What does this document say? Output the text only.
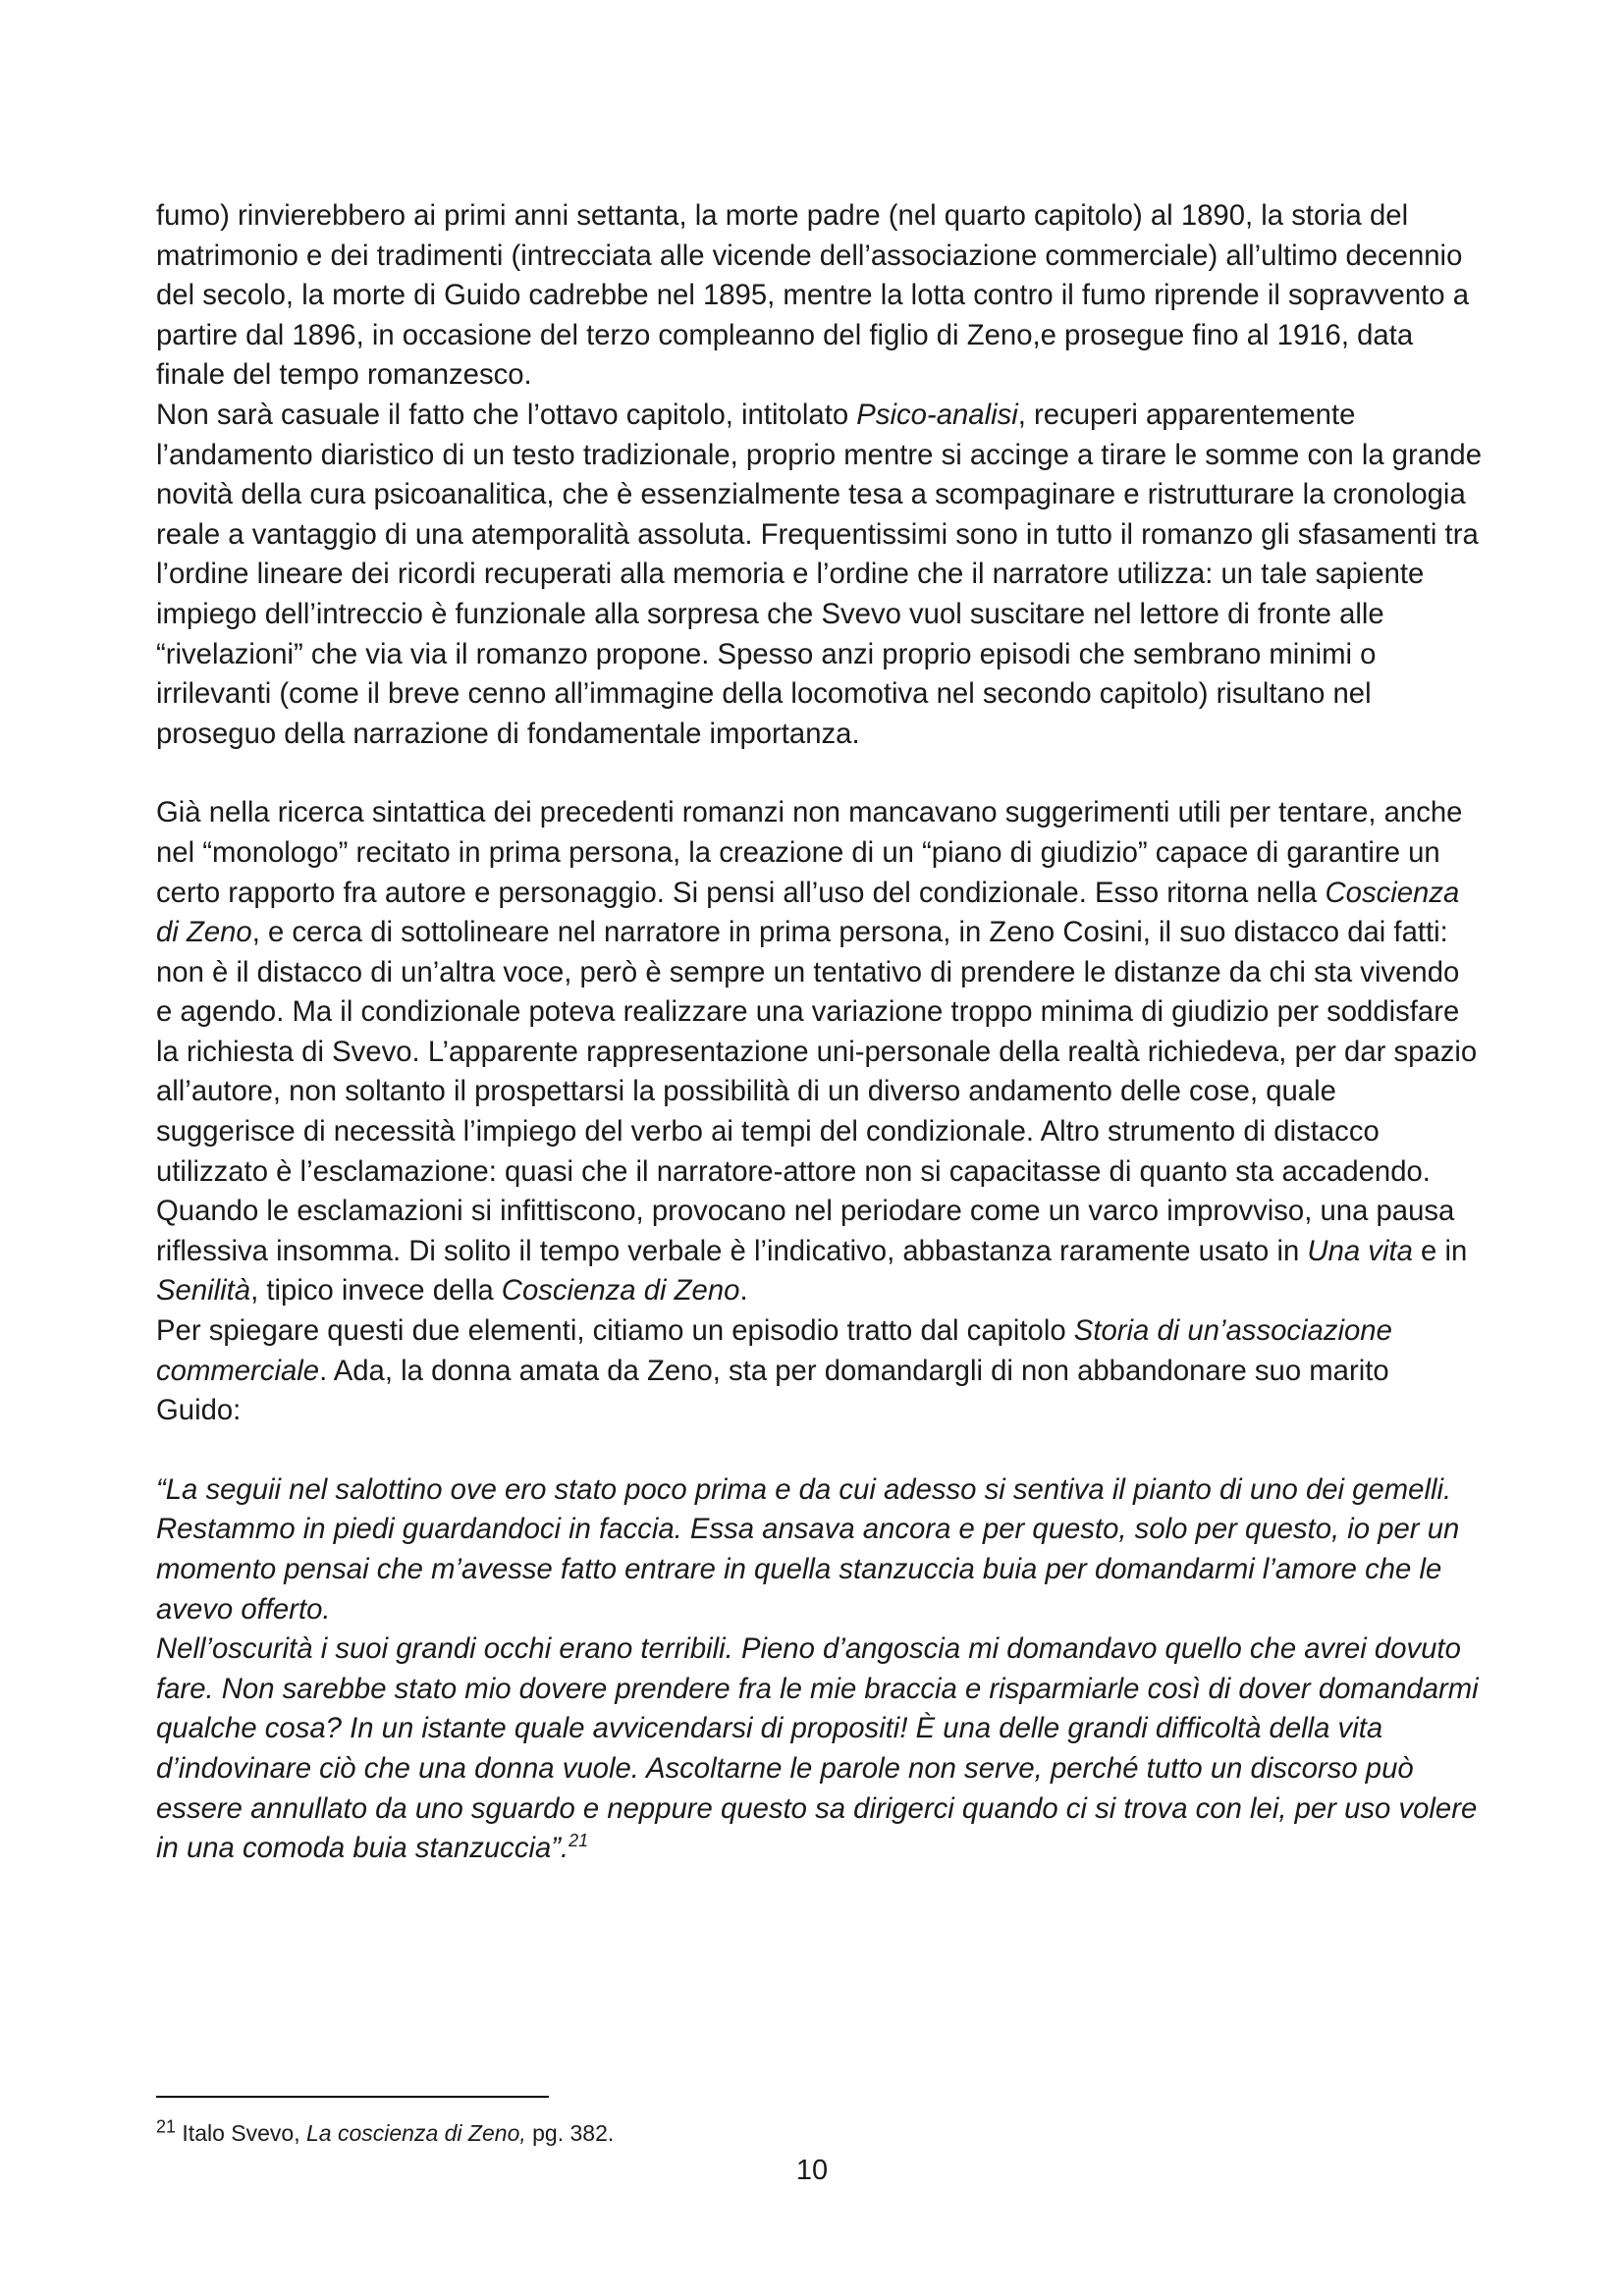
fumo) rinvierebbero ai primi anni settanta, la morte padre (nel quarto capitolo) al 1890, la storia del matrimonio e dei tradimenti (intrecciata alle vicende dell’associazione commerciale) all’ultimo decennio del secolo, la morte di Guido cadrebbe nel 1895, mentre la lotta contro il fumo riprende il sopravvento a partire dal 1896, in occasione del terzo compleanno del figlio di Zeno,e prosegue fino al 1916, data finale del tempo romanzesco.

Non sarà casuale il fatto che l’ottavo capitolo, intitolato Psico-analisi, recuperi apparentemente l’andamento diaristico di un testo tradizionale, proprio mentre si accinge a tirare le somme con la grande novità della cura psicoanalitica, che è essenzialmente tesa a scompaginare e ristrutturare la cronologia reale a vantaggio di una atemporalità assoluta. Frequentissimi sono in tutto il romanzo gli sfasamenti tra l’ordine lineare dei ricordi recuperati alla memoria e l’ordine che il narratore utilizza: un tale sapiente impiego dell’intreccio è funzionale alla sorpresa che Svevo vuol suscitare nel lettore di fronte alle “rivelazioni” che via via il romanzo propone. Spesso anzi proprio episodi che sembrano minimi o irrilevanti (come il breve cenno all’immagine della locomotiva nel secondo capitolo) risultano nel proseguo della narrazione di fondamentale importanza.

Già nella ricerca sintattica dei precedenti romanzi non mancavano suggerimenti utili per tentare, anche nel “monologo” recitato in prima persona, la creazione di un “piano di giudizio” capace di garantire un certo rapporto fra autore e personaggio. Si pensi all’uso del condizionale. Esso ritorna nella Coscienza di Zeno, e cerca di sottolineare nel narratore in prima persona, in Zeno Cosini, il suo distacco dai fatti: non è il distacco di un’altra voce, però è sempre un tentativo di prendere le distanze da chi sta vivendo e agendo. Ma il condizionale poteva realizzare una variazione troppo minima di giudizio per soddisfare la richiesta di Svevo. L’apparente rappresentazione uni-personale della realtà richiedeva, per dar spazio all’autore, non soltanto il prospettarsi la possibilità di un diverso andamento delle cose, quale suggerisce di necessità l’impiego del verbo ai tempi del condizionale. Altro strumento di distacco utilizzato è l’esclamazione: quasi che il narratore-attore non si capacitasse di quanto sta accadendo. Quando le esclamazioni si infittiscono, provocano nel periodare come un varco improvviso, una pausa riflessiva insomma. Di solito il tempo verbale è l’indicativo, abbastanza raramente usato in Una vita e in Senilità, tipico invece della Coscienza di Zeno.

Per spiegare questi due elementi, citiamo un episodio tratto dal capitolo Storia di un’associazione commerciale. Ada, la donna amata da Zeno, sta per domandargli di non abbandonare suo marito Guido:

“La seguii nel salottino ove ero stato poco prima e da cui adesso si sentiva il pianto di uno dei gemelli.

Restammo in piedi guardandoci in faccia. Essa ansava ancora e per questo, solo per questo, io per un momento pensai che m’avesse fatto entrare in quella stanzuccia buia per domandarmi l’amore che le avevo offerto.

Nell’oscurità i suoi grandi occhi erano terribili. Pieno d’angoscia mi domandavo quello che avrei dovuto fare. Non sarebbe stato mio dovere prendere fra le mie braccia e risparmiarle così di dover domandarmi qualche cosa? In un istante quale avvicendarsi di propositi! È una delle grandi difficoltà della vita d’indovinare ciò che una donna vuole. Ascoltarne le parole non serve, perché tutto un discorso può essere annullato da uno sguardo e neppure questo sa dirigerci quando ci si trova con lei, per uso volere in una comoda buia stanzuccia”.$^{21}$

$^{21}$ Italo Svevo, La coscienza di Zeno, pg. 382.
10
